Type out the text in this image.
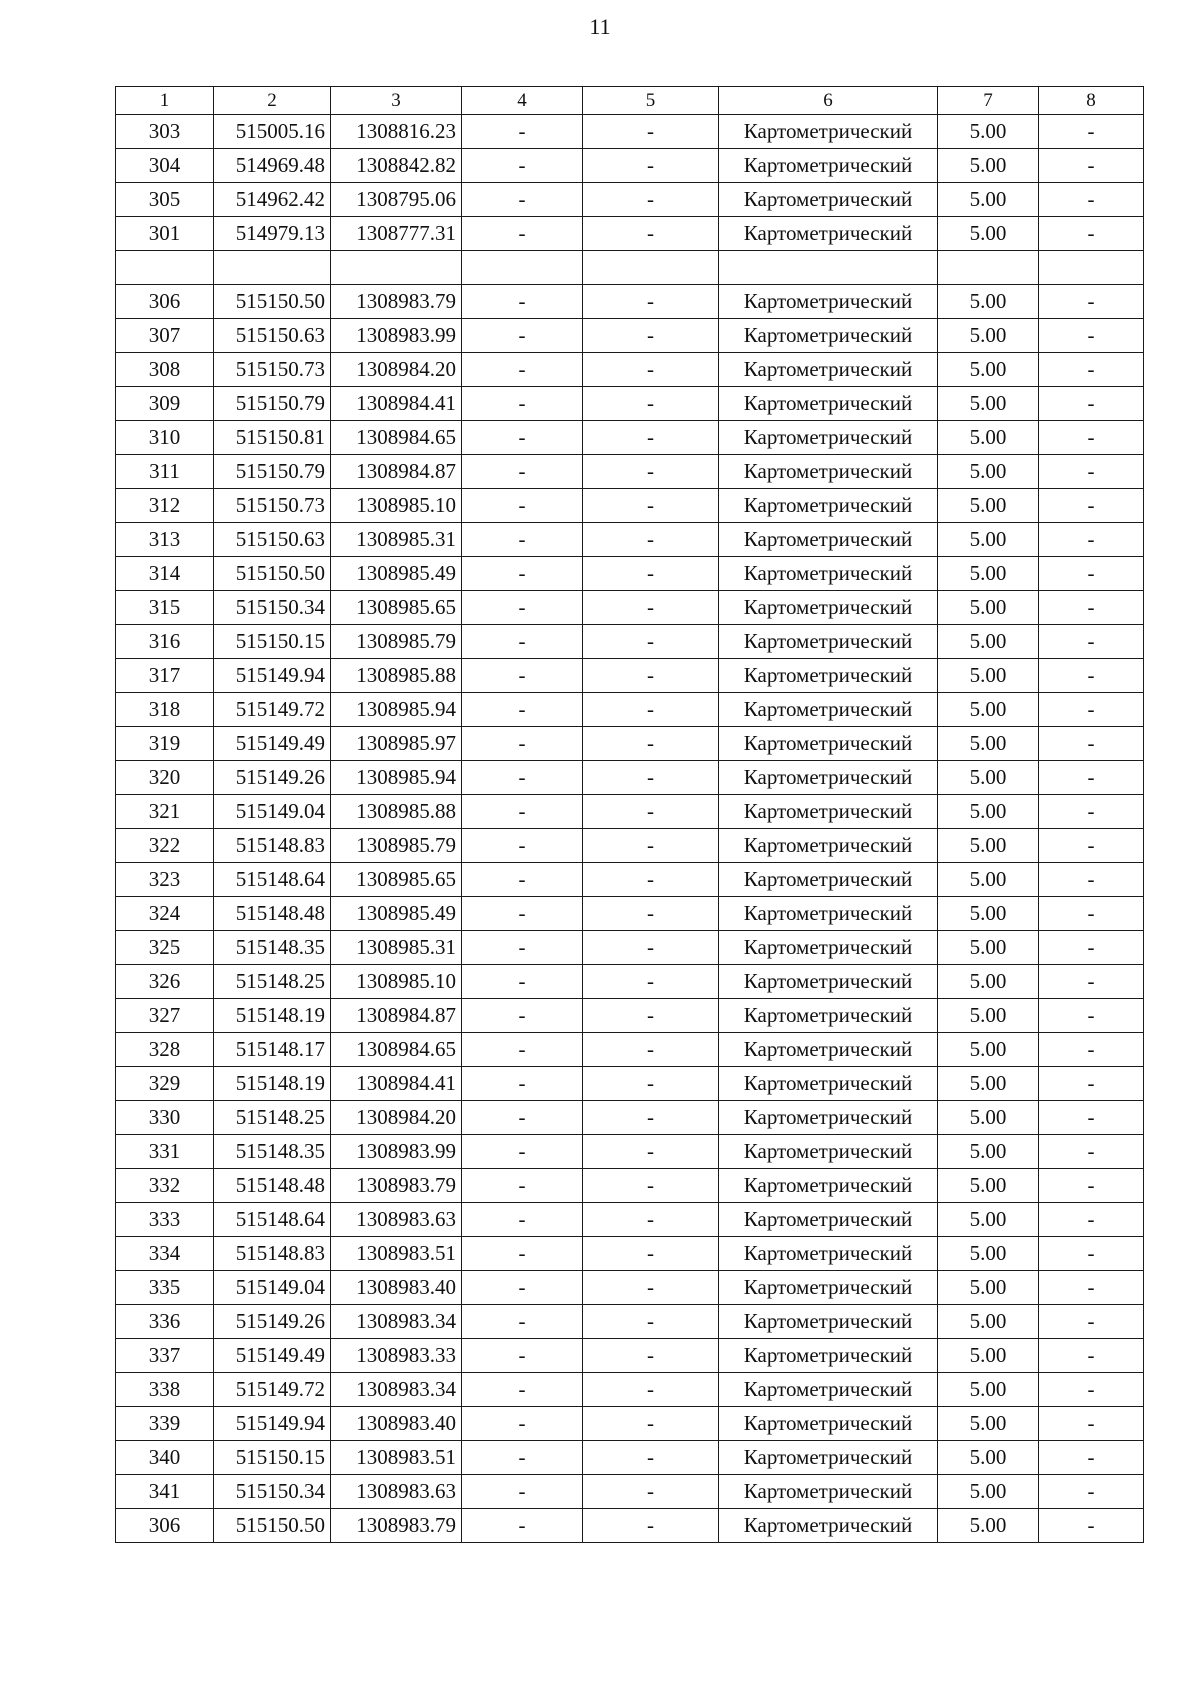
11
1	2	3	4	5	6	7	8
303	515005.16	1308816.23	-	-	Картометрический	5.00	-
304	514969.48	1308842.82	-	-	Картометрический	5.00	-
305	514962.42	1308795.06	-	-	Картометрический	5.00	-
301	514979.13	1308777.31	-	-	Картометрический	5.00	-

306	515150.50	1308983.79	-	-	Картометрический	5.00	-
307	515150.63	1308983.99	-	-	Картометрический	5.00	-
308	515150.73	1308984.20	-	-	Картометрический	5.00	-
309	515150.79	1308984.41	-	-	Картометрический	5.00	-
310	515150.81	1308984.65	-	-	Картометрический	5.00	-
311	515150.79	1308984.87	-	-	Картометрический	5.00	-
312	515150.73	1308985.10	-	-	Картометрический	5.00	-
313	515150.63	1308985.31	-	-	Картометрический	5.00	-
314	515150.50	1308985.49	-	-	Картометрический	5.00	-
315	515150.34	1308985.65	-	-	Картометрический	5.00	-
316	515150.15	1308985.79	-	-	Картометрический	5.00	-
317	515149.94	1308985.88	-	-	Картометрический	5.00	-
318	515149.72	1308985.94	-	-	Картометрический	5.00	-
319	515149.49	1308985.97	-	-	Картометрический	5.00	-
320	515149.26	1308985.94	-	-	Картометрический	5.00	-
321	515149.04	1308985.88	-	-	Картометрический	5.00	-
322	515148.83	1308985.79	-	-	Картометрический	5.00	-
323	515148.64	1308985.65	-	-	Картометрический	5.00	-
324	515148.48	1308985.49	-	-	Картометрический	5.00	-
325	515148.35	1308985.31	-	-	Картометрический	5.00	-
326	515148.25	1308985.10	-	-	Картометрический	5.00	-
327	515148.19	1308984.87	-	-	Картометрический	5.00	-
328	515148.17	1308984.65	-	-	Картометрический	5.00	-
329	515148.19	1308984.41	-	-	Картометрический	5.00	-
330	515148.25	1308984.20	-	-	Картометрический	5.00	-
331	515148.35	1308983.99	-	-	Картометрический	5.00	-
332	515148.48	1308983.79	-	-	Картометрический	5.00	-
333	515148.64	1308983.63	-	-	Картометрический	5.00	-
334	515148.83	1308983.51	-	-	Картометрический	5.00	-
335	515149.04	1308983.40	-	-	Картометрический	5.00	-
336	515149.26	1308983.34	-	-	Картометрический	5.00	-
337	515149.49	1308983.33	-	-	Картометрический	5.00	-
338	515149.72	1308983.34	-	-	Картометрический	5.00	-
339	515149.94	1308983.40	-	-	Картометрический	5.00	-
340	515150.15	1308983.51	-	-	Картометрический	5.00	-
341	515150.34	1308983.63	-	-	Картометрический	5.00	-
306	515150.50	1308983.79	-	-	Картометрический	5.00	-
